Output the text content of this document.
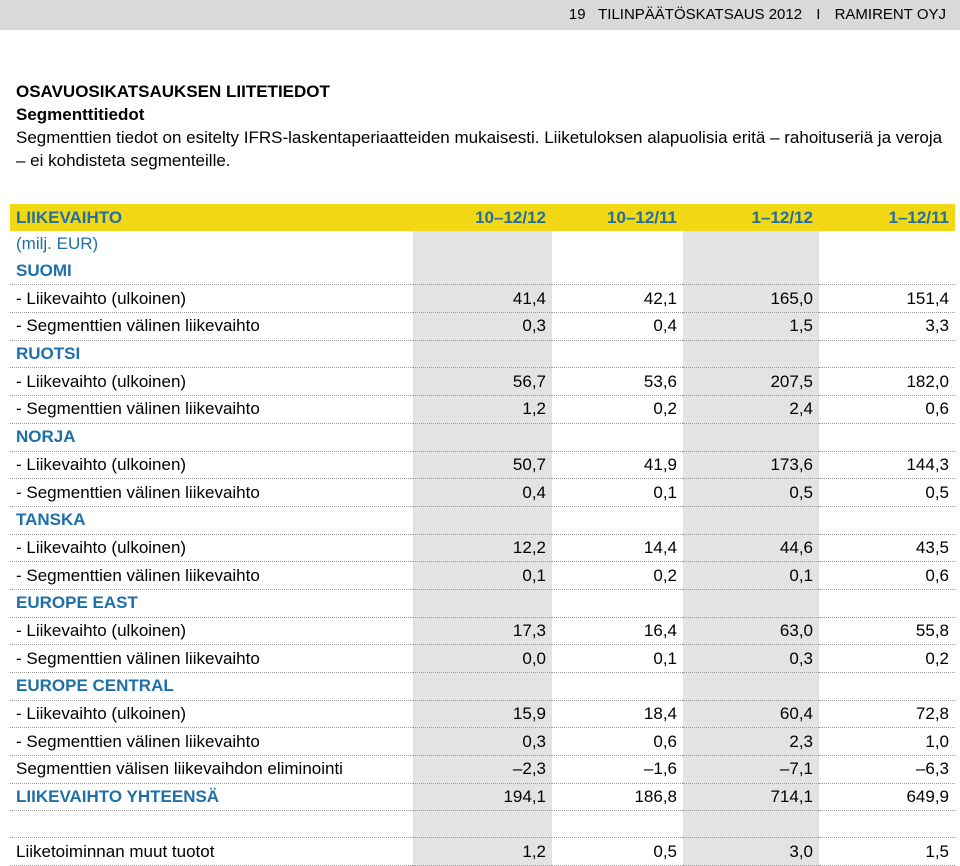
19 TILINPÄÄTÖSKATSAUS 2012 I RAMIRENT OYJ
OSAVUOSIKATSAUKSEN LIITETIEDOT
Segmenttitiedot
Segmenttien tiedot on esitelty IFRS-laskentaperiaatteiden mukaisesti. Liiketuloksen alapuolisia eritä – rahoituseriä ja veroja – ei kohdisteta segmenteille.
LIIKEVAIHTO	10–12/12	10–12/11	1–12/12	1–12/11
(milj. EUR)				
SUOMI				
- Liikevaihto (ulkoinen)	41,4	42,1	165,0	151,4
- Segmenttien välinen liikevaihto	0,3	0,4	1,5	3,3
RUOTSI				
- Liikevaihto (ulkoinen)	56,7	53,6	207,5	182,0
- Segmenttien välinen liikevaihto	1,2	0,2	2,4	0,6
NORJA				
- Liikevaihto (ulkoinen)	50,7	41,9	173,6	144,3
- Segmenttien välinen liikevaihto	0,4	0,1	0,5	0,5
TANSKA				
- Liikevaihto (ulkoinen)	12,2	14,4	44,6	43,5
- Segmenttien välinen liikevaihto	0,1	0,2	0,1	0,6
EUROPE EAST				
- Liikevaihto (ulkoinen)	17,3	16,4	63,0	55,8
- Segmenttien välinen liikevaihto	0,0	0,1	0,3	0,2
EUROPE CENTRAL				
- Liikevaihto (ulkoinen)	15,9	18,4	60,4	72,8
- Segmenttien välinen liikevaihto	0,3	0,6	2,3	1,0
Segmenttien välisen liikevaihdon eliminointi	–2,3	–1,6	–7,1	–6,3
LIIKEVAIHTO YHTEENSÄ	194,1	186,8	714,1	649,9

Liiketoiminnan muut tuotot	1,2	0,5	3,0	1,5
